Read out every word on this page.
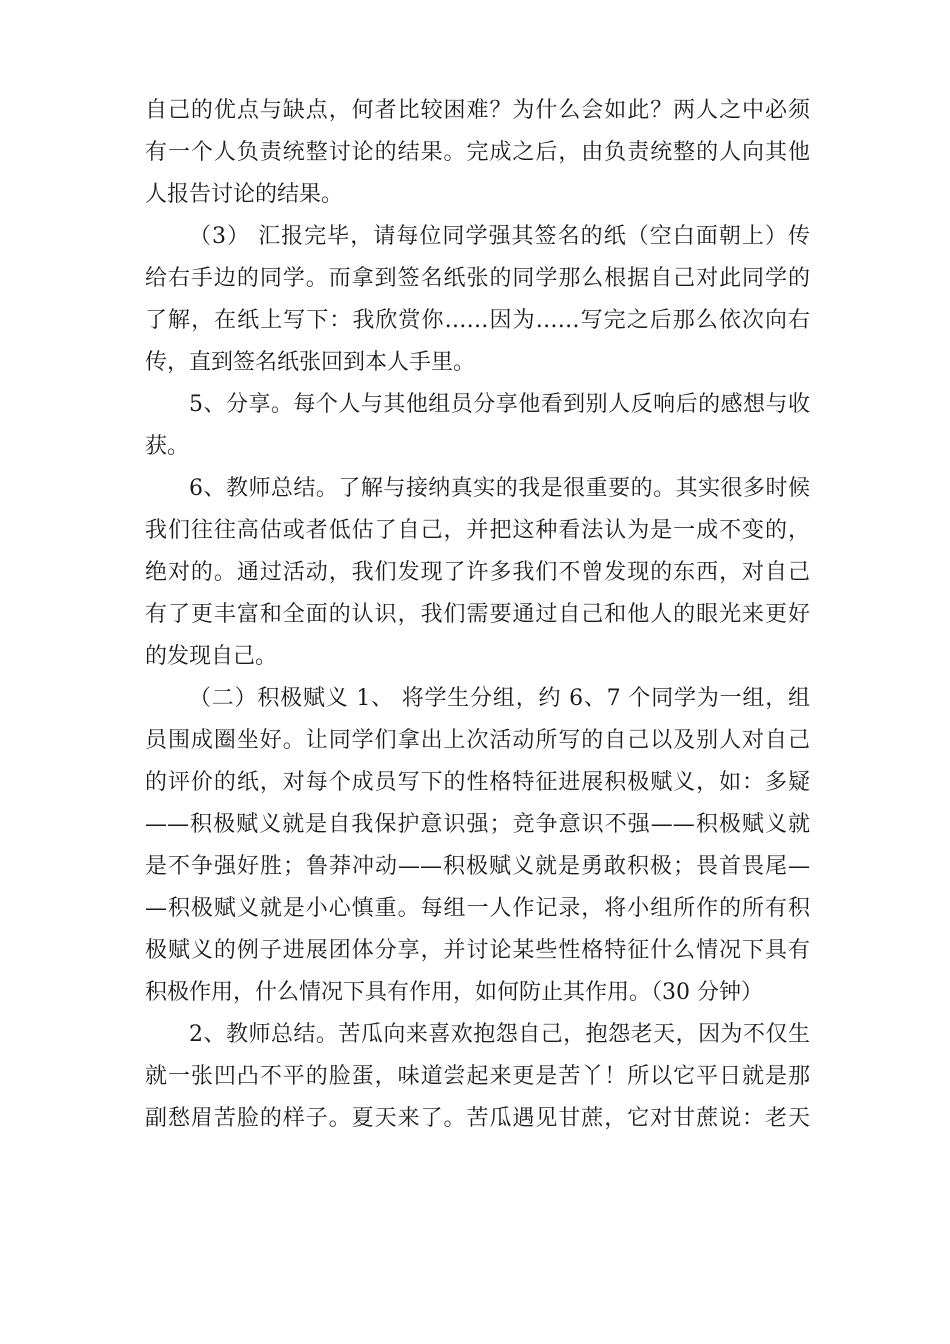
自己的优点与缺点，何者比较困难？为什么会如此？两人之中必须
有一个人负责统整讨论的结果。完成之后，由负责统整的人向其他
人报告讨论的结果。
（3） 汇报完毕，请每位同学强其签名的纸（空白面朝上）传
给右手边的同学。而拿到签名纸张的同学那么根据自己对此同学的
了解，在纸上写下：我欣赏你……因为……写完之后那么依次向右
传，直到签名纸张回到本人手里。
5、分享。每个人与其他组员分享他看到别人反响后的感想与收
获。
6、教师总结。了解与接纳真实的我是很重要的。其实很多时候
我们往往高估或者低估了自己，并把这种看法认为是一成不变的，
绝对的。通过活动，我们发现了许多我们不曾发现的东西，对自己
有了更丰富和全面的认识，我们需要通过自己和他人的眼光来更好
的发现自己。
（二）积极赋义 1、 将学生分组，约 6、7 个同学为一组，组
员围成圈坐好。让同学们拿出上次活动所写的自己以及别人对自己
的评价的纸，对每个成员写下的性格特征进展积极赋义，如：多疑
——积极赋义就是自我保护意识强；竞争意识不强——积极赋义就
是不争强好胜；鲁莽冲动——积极赋义就是勇敢积极；畏首畏尾—
—积极赋义就是小心慎重。每组一人作记录，将小组所作的所有积
极赋义的例子进展团体分享，并讨论某些性格特征什么情况下具有
积极作用，什么情况下具有作用，如何防止其作用。（30 分钟）
2、教师总结。苦瓜向来喜欢抱怨自己，抱怨老天，因为不仅生
就一张凹凸不平的脸蛋，味道尝起来更是苦丫！所以它平日就是那
副愁眉苦脸的样子。夏天来了。苦瓜遇见甘蔗，它对甘蔗说：老天
